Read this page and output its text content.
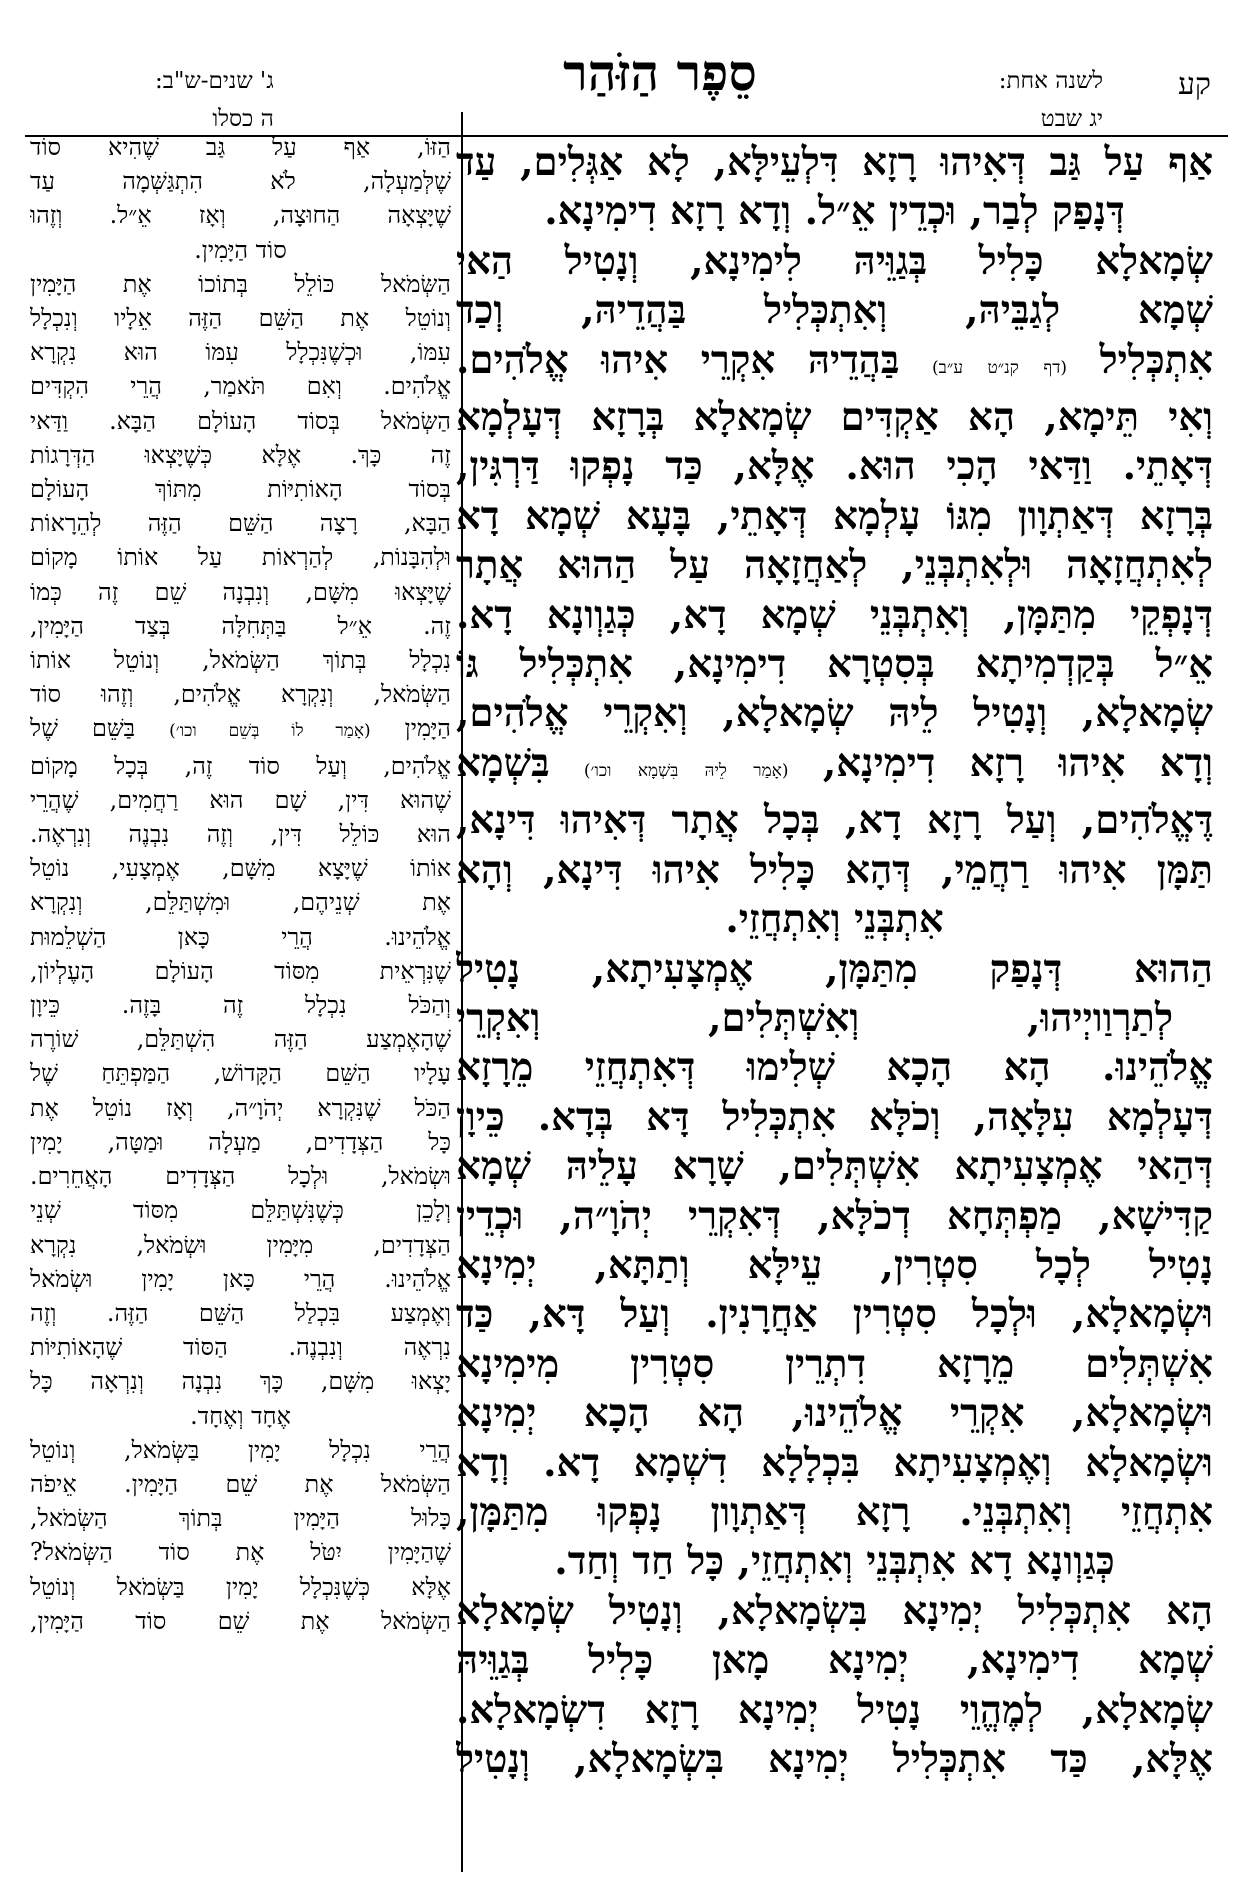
קע
לשנה אחת:
יג שבט
סֵפֶר הַזֹּהַר
ג' שנים-ש"ב:
ה כסלו
אַף עַל גַּב דְּאִיהוּ רָזָא דִּלְעֵילָּא, לָא אַגְּלִים, עַד
דְּנָפַק לְבַר, וּכְדֵין אֵ״ל. וְדָא רָזָא דִימִינָא.
שְׂמָאלָא כָּלִיל בְּגַוֵּיהּ לִימִינָא, וְנָטִיל הַאי
שְׁמָא לְגַבֵּיהּ, וְאִתְכְּלִיל בַּהֲדֵיהּ, וְכַד
אִתְכְּלִיל (דף קנ״ט ע״ב) בַּהֲדֵיהּ אִקְרֵי אִיהוּ אֱלֹהִים.
וְאִי תֵּימָא, הָא אַקְדִּים שְׂמָאלָא בְּרָזָא דְּעָלְמָא
דְּאָתֵי. וַדַּאי הָכִי הוּא. אֶלָּא, כַּד נָפְקוּ דַּרְגִּין,
בְּרָזָא דְּאַתְוָון מִגּוֹ עָלְמָא דְּאָתֵי, בָּעָא שְׁמָא דָא
לְאִתְחֲזָאָה וּלְאִתְבְּנֵי, לְאַחֲזָאָה עַל הַהוּא אֲתָר
דְּנָפְקֵי מִתַּמָּן, וְאִתְבְּנֵי שְׁמָא דָא, כְּגַוְונָא דָא.
אֵ״ל בְּקַדְמִיתָא בְּסִטְרָא דִימִינָא, אִתְכְּלִיל גּוֹ
שְׂמָאלָא, וְנָטִיל לֵיהּ שְׂמָאלָא, וְאִקְרֵי אֱלֹהִים,
וְדָא אִיהוּ רָזָא דִימִינָא, (אָמַר לֵיהּ בִּשְׁמָא וכו׳) בִּשְׁמָא
דֶּאֱלֹהִים, וְעַל רָזָא דָא, בְּכָל אֲתָר דְּאִיהוּ דִּינָא,
תַּמָּן אִיהוּ רַחֲמֵי, דְּהָא כָּלִיל אִיהוּ דִּינָא, וְהָא
אִתְבְּנֵי וְאִתְחֲזֵי.
הַהוּא דְּנָפַק מִתַּמָּן, אֶמְצָעִיתָא, נָטִיל
לְתַרְוַויְיהוּ, וְאִשְׁתְּלִים, וְאִקְרֵי
אֱלֹהֵינוּ. הָא הָכָא שְׁלִימוּ דְּאִתְחֲזֵי מֵרָזָא
דְּעָלְמָא עִלָּאָה, וְכֹלָּא אִתְכְּלִיל דָּא בְּדָא. כֵּיוָן
דְּהַאי אֶמְצָעִיתָא אִשְׁתְּלִים, שָׁרָא עָלֵיהּ שְׁמָא
קַדִּישָׁא, מַפְתְּחָא דְכֹלָּא, דְּאִקְרֵי יְהֹוָ״ה, וּכְדֵין
נָטִיל לְכָל סִטְרִין, עֵילָּא וְתַתָּא, יְמִינָא
וּשְׂמָאלָא, וּלְכָל סִטְרִין אַחֲרָנִין. וְעַל דָּא, כַּד
אִשְׁתְּלִים מֵרָזָא דִתְרֵין סִטְרִין מִימִינָא
וּשְׂמָאלָא, אִקְרֵי אֱלֹהֵינוּ, הָא הָכָא יְמִינָא
וּשְׂמָאלָא וְאֶמְצָעִיתָא בִּכְלָלָא דִשְׁמָא דָא. וְדָא
אִתְחֲזֵי וְאִתְבְּנֵי. רָזָא דְּאַתְוָון נָפְקוּ מִתַּמָּן,
כְּגַוְונָא דָא אִתְבְּנֵי וְאִתְחֲזֵי, כָּל חַד וְחַד.
הָא אִתְכְּלִיל יְמִינָא בִּשְׂמָאלָא, וְנָטִיל שְׂמָאלָא
שְׁמָא דִימִינָא, יְמִינָא מָאן כָּלִיל בְּגַוֵּיהּ
שְׂמָאלָא, לְמֶהֱוֵי נָטִיל יְמִינָא רָזָא דִשְׂמָאלָא.
אֶלָּא, כַּד אִתְכְּלִיל יְמִינָא בִּשְׂמָאלָא, וְנָטִיל
הַזּוֹ, אַף עַל גַּב שֶׁהִיא סוֹד
שֶׁלְּמַעְלָה, לֹא הִתְגַּשְּׁמָה עַד
שֶׁיָּצְאָה הַחוּצָה, וְאָז אֵ״ל. וְזֶהוּ
סוֹד הַיָּמִין.
הַשְּׂמֹאל כּוֹלֵל בְּתוֹכוֹ אֶת הַיָּמִין
וְנוֹטֵל אֶת הַשֵּׁם הַזֶּה אֵלָיו וְנִכְלָל
עִמּוֹ, וּכְשֶׁנִּכְלָל עִמּוֹ הוּא נִקְרָא
אֱלֹהִים. וְאִם תֹּאמַר, הֲרֵי הִקְדִּים
הַשְּׂמֹאל בְּסוֹד הָעוֹלָם הַבָּא. וַדַּאי
זֶה כָּךְ. אֶלָּא כְּשֶׁיָּצְאוּ הַדְּרָגוֹת
בְּסוֹד הָאוֹתִיּוֹת מִתּוֹךְ הָעוֹלָם
הַבָּא, רָצָה הַשֵּׁם הַזֶּה לְהֵרָאוֹת
וּלְהִבָּנוֹת, לְהַרְאוֹת עַל אוֹתוֹ מָקוֹם
שֶׁיָּצְאוּ מִשָּׁם, וְנִבְנָה שֵׁם זֶה כְּמוֹ
זֶה. אֵ״ל בַּתְּחִלָּה בְּצַד הַיָּמִין,
נִכְלָל בְּתוֹךְ הַשְּׂמֹאל, וְנוֹטֵל אוֹתוֹ
הַשְּׂמֹאל, וְנִקְרָא אֱלֹהִים, וְזֶהוּ סוֹד
הַיָּמִין (אָמַר לוֹ בְּשֵׁם וכו׳) בַּשֵּׁם שֶׁל
אֱלֹהִים, וְעַל סוֹד זֶה, בְּכָל מָקוֹם
שֶׁהוּא דִּין, שָׁם הוּא רַחֲמִים, שֶׁהֲרֵי
הוּא כּוֹלֵל דִּין, וְזֶה נִבְנֶה וְנִרְאֶה.
אוֹתוֹ שֶׁיָּצָא מִשָּׁם, אֶמְצָעִי, נוֹטֵל
אֶת שְׁנֵיהֶם, וּמִשְׁתַּלֵּם, וְנִקְרָא
אֱלֹהֵינוּ. הֲרֵי כָּאן הַשְׁלֵמוּת
שֶׁנִּרְאֵית מִסּוֹד הָעוֹלָם הָעֶלְיוֹן,
וְהַכֹּל נִכְלָל זֶה בָּזֶה. כֵּיוָן
שֶׁהָאֶמְצַע הַזֶּה הִשְׁתַּלֵּם, שׁוֹרֶה
עָלָיו הַשֵּׁם הַקָּדוֹשׁ, הַמַּפְתֵּחַ שֶׁל
הַכֹּל שֶׁנִּקְרָא יְהֹוָ״ה, וְאָז נוֹטֵל אֶת
כָּל הַצְּדָדִים, מַעְלָה וּמַטָּה, יָמִין
וּשְׂמֹאל, וּלְכָל הַצְּדָדִים הָאֲחֵרִים.
וְלָכֵן כְּשֶׁנִּשְׁתַּלֵּם מִסּוֹד שְׁנֵי
הַצְּדָדִים, מִיָּמִין וּשְׂמֹאל, נִקְרָא
אֱלֹהֵינוּ. הֲרֵי כָּאן יָמִין וּשְׂמֹאל
וְאֶמְצַע בִּכְלַל הַשֵּׁם הַזֶּה. וְזֶה
נִרְאֶה וְנִבְנֶה. הַסּוֹד שֶׁהָאוֹתִיּוֹת
יָצְאוּ מִשָּׁם, כָּךְ נִבְנָה וְנִרְאָה כָּל
אֶחָד וְאֶחָד.
הֲרֵי נִכְלָל יָמִין בַּשְּׂמֹאל, וְנוֹטֵל
הַשְּׂמֹאל אֶת שֵׁם הַיָּמִין. אֵיפֹה
כָּלוּל הַיָּמִין בְּתוֹךְ הַשְּׂמֹאל,
שֶׁהַיָּמִין יִטֹּל אֶת סוֹד הַשְּׂמֹאל?
אֶלָּא כְּשֶׁנִּכְלָל יָמִין בַּשְּׂמֹאל וְנוֹטֵל
הַשְּׂמֹאל אֶת שֵׁם סוֹד הַיָּמִין,
